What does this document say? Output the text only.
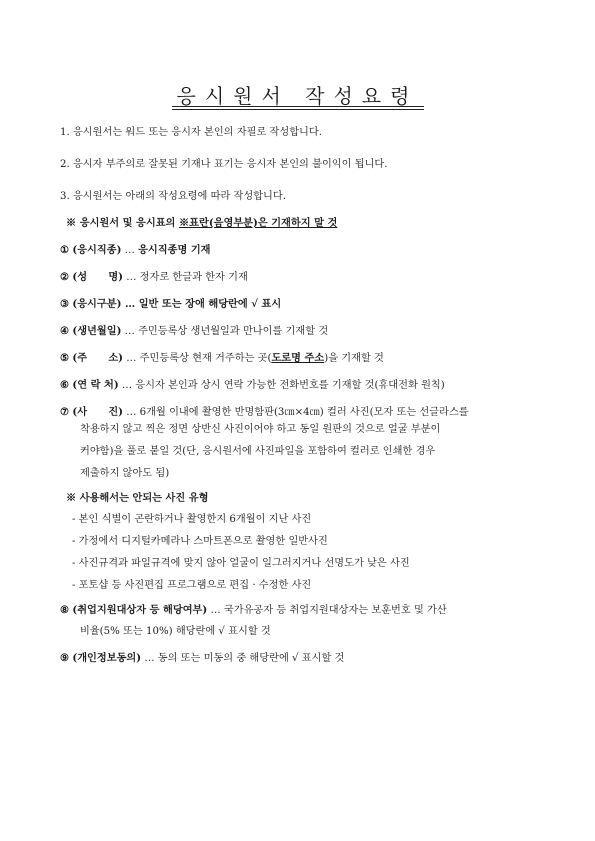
응시원서 작성요령
1. 응시원서는 워드 또는 응시자 본인의 자필로 작성합니다.
2. 응시자 부주의로 잘못된 기재나 표기는 응시자 본인의 불이익이 됩니다.
3. 응시원서는 아래의 작성요령에 따라 작성합니다.
※ 응시원서 및 응시표의 ※표란(음영부분)은 기재하지 말 것
① (응시직종) … 응시직종명 기재
② (성      명) … 정자로 한글과 한자 기재
③ (응시구분) … 일반 또는 장애 해당란에 √ 표시
④ (생년월일) … 주민등록상 생년월일과 만나이를 기재할 것
⑤ (주      소) … 주민등록상 현재 거주하는 곳(도로명 주소)을 기재할 것
⑥ (연 락 처) … 응시자 본인과 상시 연락 가능한 전화번호를 기재할 것(휴대전화 원칙)
⑦ (사      진) … 6개월 이내에 촬영한 반명함판(3㎝×4㎝) 컬러 사진(모자 또는 선글라스를
착용하지 않고 찍은 정면 상반신 사진이어야 하고 동일 원판의 것으로 얼굴 부분이
커야함)을 풀로 붙일 것(단, 응시원서에 사진파일을 포함하여 컬러로 인쇄한 경우
제출하지 않아도 됨)
※ 사용해서는 안되는 사진 유형
- 본인 식별이 곤란하거나 촬영한지 6개월이 지난 사진
- 가정에서 디지털카메라나 스마트폰으로 촬영한 일반사진
- 사진규격과 파일규격에 맞지 않아 얼굴이 일그러지거나 선명도가 낮은 사진
- 포토샵 등 사진편집 프로그램으로 편집 · 수정한 사진
⑧ (취업지원대상자 등 해당여부) … 국가유공자 등 취업지원대상자는 보훈번호 및 가산
비율(5% 또는 10%) 해당란에 √ 표시할 것
⑨ (개인정보동의) … 동의 또는 미동의 중 해당란에 √ 표시할 것
